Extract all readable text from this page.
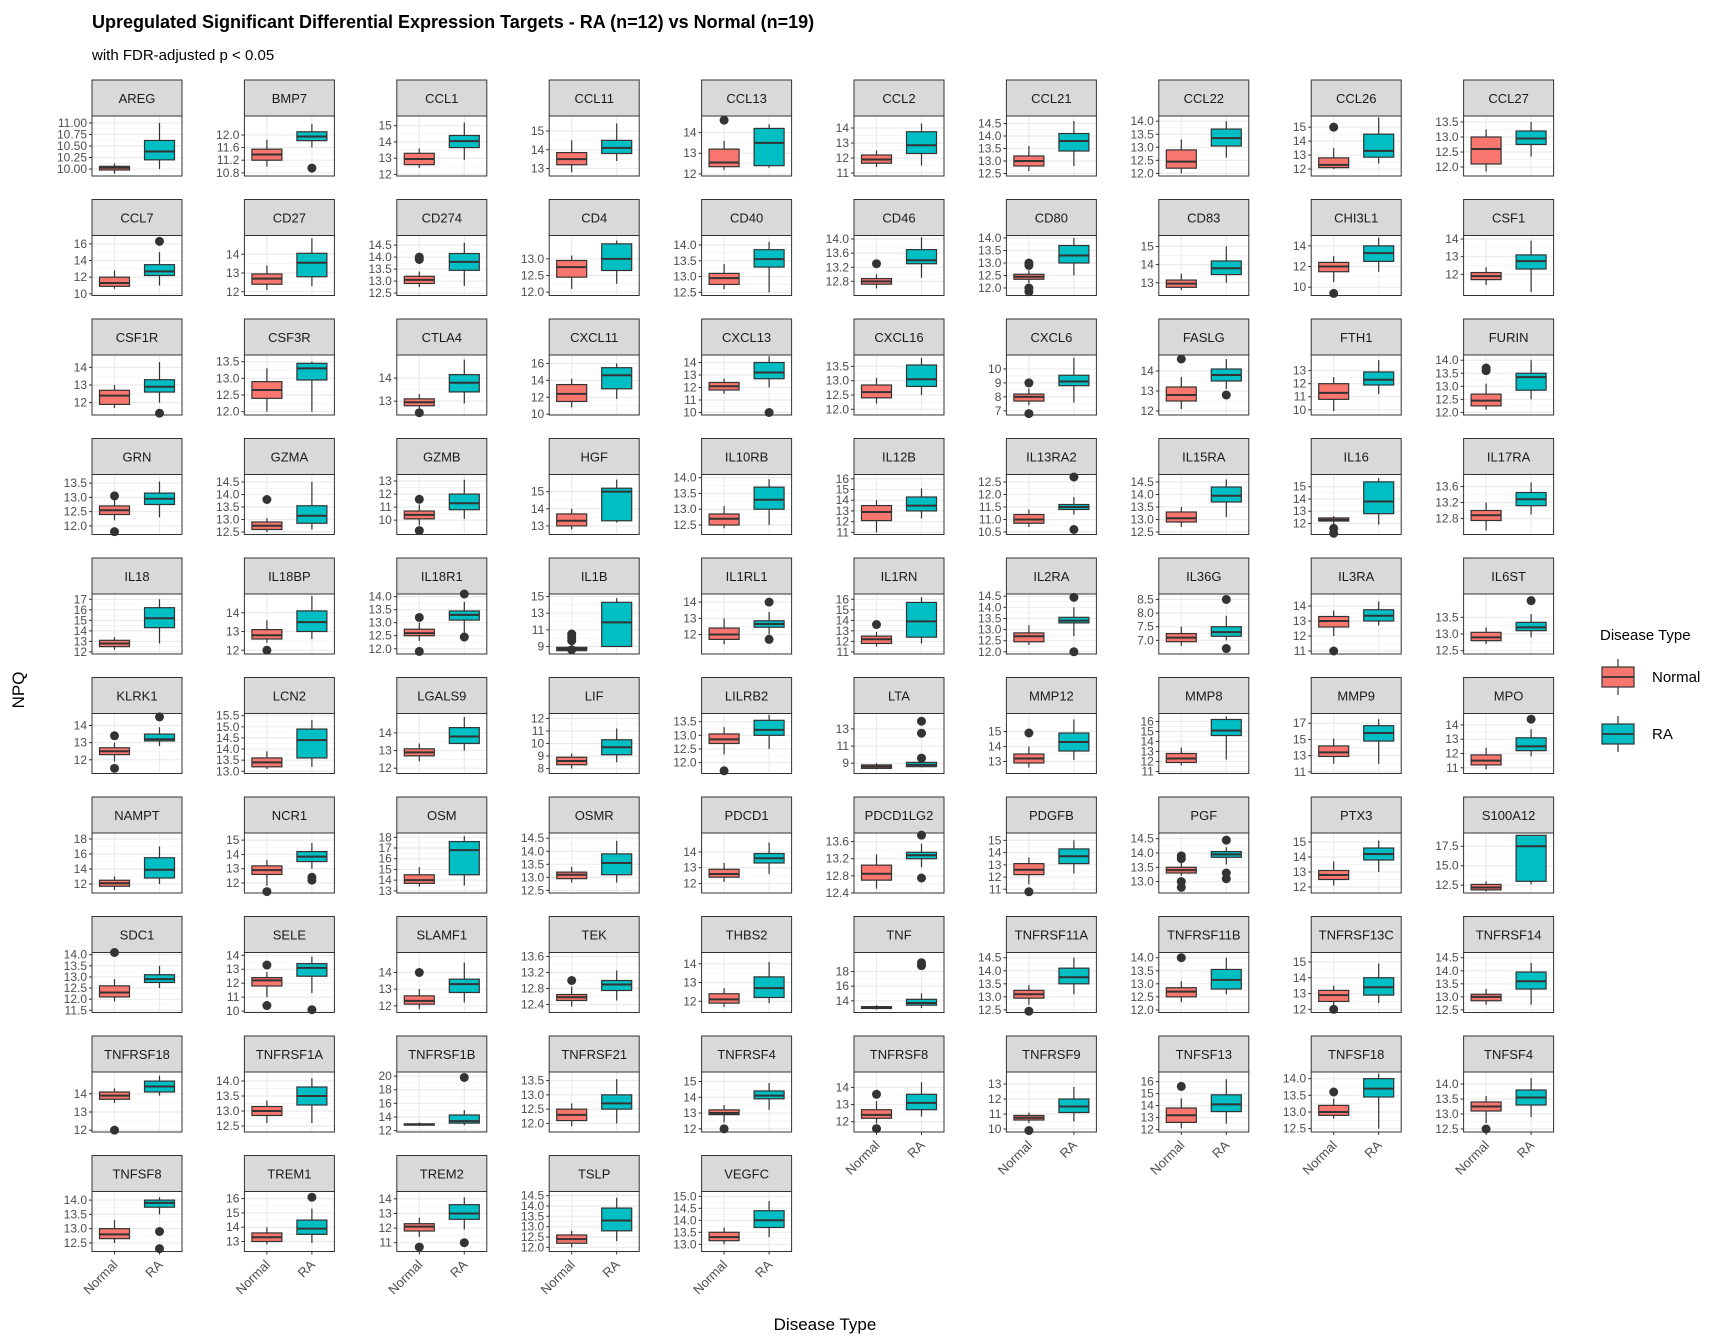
Upregulated Significant Differential Expression Targets - RA (n=12) vs Normal (n=19)
with FDR-adjusted p < 0.05
Disease Type
NPQ
AREG
10.00
10.25
10.50
10.75
11.00
BMP7
10.8
11.2
11.6
12.0
CCL1
12
13
14
15
CCL11
13
14
15
CCL13
12
13
14
CCL2
11
12
13
14
CCL21
12.5
13.0
13.5
14.0
14.5
CCL22
12.0
12.5
13.0
13.5
14.0
CCL26
12
13
14
15
CCL27
12.0
12.5
13.0
13.5
CCL7
10
12
14
16
CD27
12
13
14
CD274
12.5
13.0
13.5
14.0
14.5
CD4
12.0
12.5
13.0
CD40
12.5
13.0
13.5
14.0
CD46
12.8
13.2
13.6
14.0
CD80
12.0
12.5
13.0
13.5
14.0
CD83
13
14
15
CHI3L1
10
12
14
CSF1
12
13
14
CSF1R
12
13
14
CSF3R
12.0
12.5
13.0
13.5
CTLA4
13
14
CXCL11
10
12
14
16
CXCL13
10
11
12
13
14
CXCL16
12.0
12.5
13.0
13.5
CXCL6
7
8
9
10
FASLG
12
13
14
FTH1
10
11
12
13
FURIN
12.0
12.5
13.0
13.5
14.0
GRN
12.0
12.5
13.0
13.5
GZMA
12.5
13.0
13.5
14.0
14.5
GZMB
10
11
12
13
HGF
13
14
15
IL10RB
12.5
13.0
13.5
14.0
IL12B
11
12
13
14
15
16
IL13RA2
10.5
11.0
11.5
12.0
12.5
IL15RA
12.5
13.0
13.5
14.0
14.5
IL16
12
13
14
15
IL17RA
12.8
13.2
13.6
IL18
12
13
14
15
16
17
IL18BP
12
13
14
IL18R1
12.0
12.5
13.0
13.5
14.0
IL1B
9
11
13
15
IL1RL1
12
13
14
IL1RN
11
12
13
14
15
16
IL2RA
12.0
12.5
13.0
13.5
14.0
14.5
IL36G
7.0
7.5
8.0
8.5
IL3RA
11
12
13
14
IL6ST
12.5
13.0
13.5
KLRK1
12
13
14
LCN2
13.0
13.5
14.0
14.5
15.0
15.5
LGALS9
12
13
14
LIF
8
9
10
11
12
LILRB2
12.0
12.5
13.0
13.5
LTA
9
11
13
MMP12
13
14
15
MMP8
11
12
13
14
15
16
MMP9
11
13
15
17
MPO
11
12
13
14
NAMPT
12
14
16
18
NCR1
12
13
14
15
OSM
13
14
15
16
17
18
OSMR
12.5
13.0
13.5
14.0
14.5
PDCD1
12
13
14
PDCD1LG2
12.4
12.8
13.2
13.6
PDGFB
11
12
13
14
15
PGF
13.0
13.5
14.0
14.5
PTX3
12
13
14
15
S100A12
12.5
15.0
17.5
SDC1
11.5
12.0
12.5
13.0
13.5
14.0
SELE
10
11
12
13
14
SLAMF1
12
13
14
TEK
12.4
12.8
13.2
13.6
THBS2
12
13
14
TNF
14
16
18
TNFRSF11A
12.5
13.0
13.5
14.0
14.5
TNFRSF11B
12.0
12.5
13.0
13.5
14.0
TNFRSF13C
12
13
14
15
TNFRSF14
12.5
13.0
13.5
14.0
14.5
TNFRSF18
12
13
14
TNFRSF1A
12.5
13.0
13.5
14.0
TNFRSF1B
12
14
16
18
20
TNFRSF21
12.0
12.5
13.0
13.5
TNFRSF4
12
13
14
15
TNFRSF8
12
13
14
Normal RA
TNFRSF9
10
11
12
13
Normal RA
TNFSF13
12
13
14
15
16
Normal RA
TNFSF18
12.5
13.0
13.5
14.0
Normal RA
TNFSF4
12.5
13.0
13.5
14.0
Normal RA
TNFSF8
12.5
13.0
13.5
14.0
Normal RA
TREM1
13
14
15
16
Normal RA
TREM2
11
12
13
14
Normal RA
TSLP
12.0
12.5
13.0
13.5
14.0
14.5
Normal RA
VEGFC
13.0
13.5
14.0
14.5
15.0
Normal RA
Disease Type
Normal
RA
